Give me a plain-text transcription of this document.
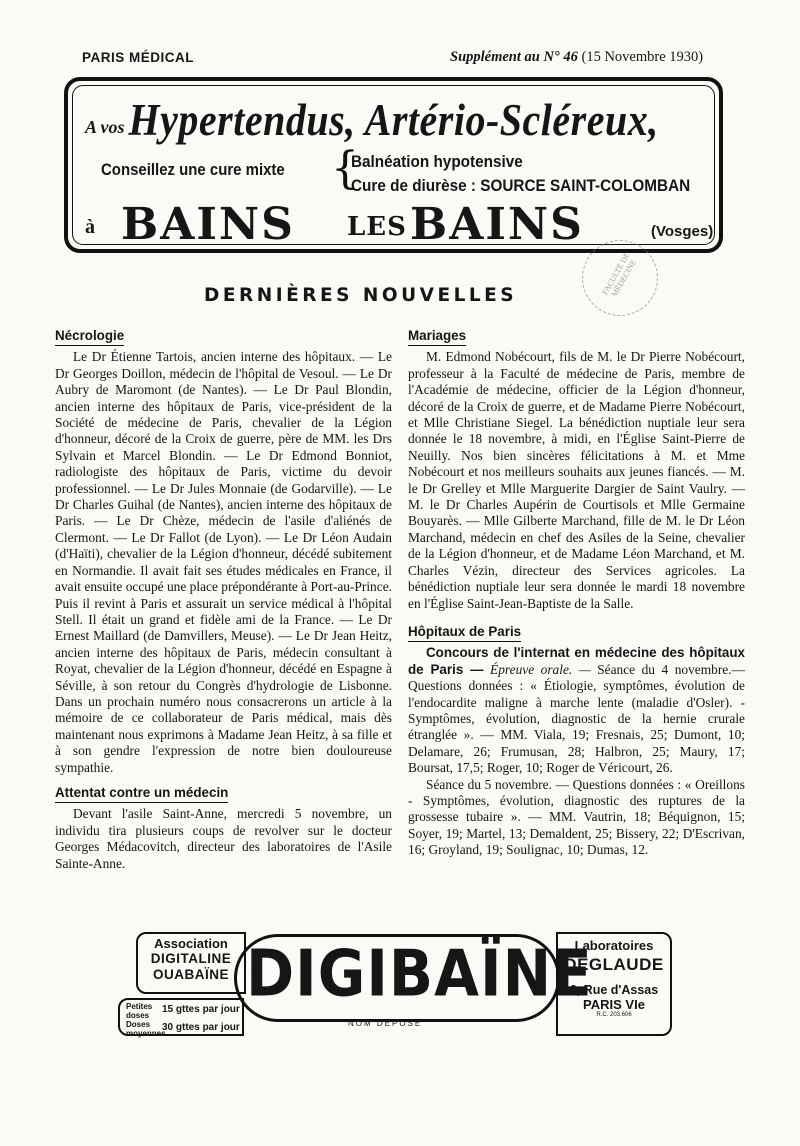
PARIS MÉDICAL	Supplément au N° 46 (15 Novembre 1930)
A vos Hypertendus, Artério-Scléreux,
Conseillez une cure mixte {
Balnéation hypotensive
Cure de diurèse : SOURCE SAINT-COLOMBAN
à BAINS LES BAINS	(Vosges)
FACULTÉ DE MÉDECINE
DERNIÈRES NOUVELLES
Nécrologie

Le Dr Étienne Tartois, ancien interne des hôpitaux. — Le Dr Georges Doillon, médecin de l'hôpital de Vesoul. — Le Dr Aubry de Maromont (de Nantes). — Le Dr Paul Blondin, ancien interne des hôpitaux de Paris, vice-président de la Société de médecine de Paris, chevalier de la Légion d'honneur, décoré de la Croix de guerre, père de MM. les Drs Sylvain et Marcel Blondin. — Le Dr Edmond Bonniot, radiologiste des hôpitaux de Paris, victime du devoir professionnel. — Le Dr Jules Monnaie (de Godarville). — Le Dr Charles Guihal (de Nantes), ancien interne des hôpitaux de Paris. — Le Dr Chèze, médecin de l'asile d'aliénés de Clermont. — Le Dr Fallot (de Lyon). — Le Dr Léon Audain (d'Haïti), chevalier de la Légion d'honneur, décédé subitement en Normandie. Il avait fait ses études médicales en France, il avait ensuite occupé une place prépondérante à Port-au-Prince. Puis il revint à Paris et assurait un service médical à l'hôpital Stell. Il était un grand et fidèle ami de la France. — Le Dr Ernest Maillard (de Damvillers, Meuse). — Le Dr Jean Heitz, ancien interne des hôpitaux de Paris, médecin consultant à Royat, chevalier de la Légion d'honneur, décédé en Espagne à Séville, à son retour du Congrès d'hydrologie de Lisbonne. Dans un prochain numéro nous consacrerons un article à la mémoire de ce collaborateur de Paris médical, mais dès maintenant nous exprimons à Madame Jean Heitz, à sa fille et à son gendre l'expression de notre bien douloureuse sympathie.

Attentat contre un médecin

Devant l'asile Saint-Anne, mercredi 5 novembre, un individu tira plusieurs coups de revolver sur le docteur Georges Médacovitch, directeur des laboratoires de l'Asile Sainte-Anne.

Mariages

M. Edmond Nobécourt, fils de M. le Dr Pierre Nobécourt, professeur à la Faculté de médecine de Paris, membre de l'Académie de médecine, officier de la Légion d'honneur, décoré de la Croix de guerre, et de Madame Pierre Nobécourt, et Mlle Christiane Siegel. La bénédiction nuptiale leur sera donnée le 18 novembre, à midi, en l'Église Saint-Pierre de Neuilly. Nos bien sincères félicitations à M. et Mme Nobécourt et nos meilleurs souhaits aux jeunes fiancés. — M. le Dr Grelley et Mlle Marguerite Dargier de Saint Vaulry. — M. le Dr Charles Aupérin de Courtisols et Mlle Germaine Bouyarès. — Mlle Gilberte Marchand, fille de M. le Dr Léon Marchand, médecin en chef des Asiles de la Seine, chevalier de la Légion d'honneur, et de Madame Léon Marchand, et M. Charles Vézin, directeur des Services agricoles. La bénédiction nuptiale leur sera donnée le mardi 18 novembre en l'Église Saint-Jean-Baptiste de la Salle.

Hôpitaux de Paris

Concours de l'internat en médecine des hôpitaux de Paris — Épreuve orale. — Séance du 4 novembre.— Questions données : « Étiologie, symptômes, évolution de l'endocardite maligne à marche lente (maladie d'Osler). - Symptômes, évolution, diagnostic de la hernie crurale étranglée ». — MM. Viala, 19; Fresnais, 25; Dumont, 10; Delamare, 26; Frumusan, 28; Halbron, 25; Maury, 17; Boursat, 17,5; Roger, 10; Roger de Véricourt, 26.

Séance du 5 novembre. — Questions données : « Oreillons - Symptômes, évolution, diagnostic des ruptures de la grossesse tubaire ». — MM. Vautrin, 18; Béquignon, 15; Soyer, 19; Martel, 13; Demaldent, 25; Bissery, 22; D'Escrivan, 16; Groyland, 19; Soulignac, 10; Dumas, 12.

Association
DIGITALINE
OUABAÏNE
Petites doses
15 gttes par jour
Doses moyennes
30 gttes par jour
DIGIBAÏNE
NOM DÉPOSÉ
Laboratoires
DEGLAUDE
6, Rue d'Assas
PARIS VIe
R.C. 203.606
